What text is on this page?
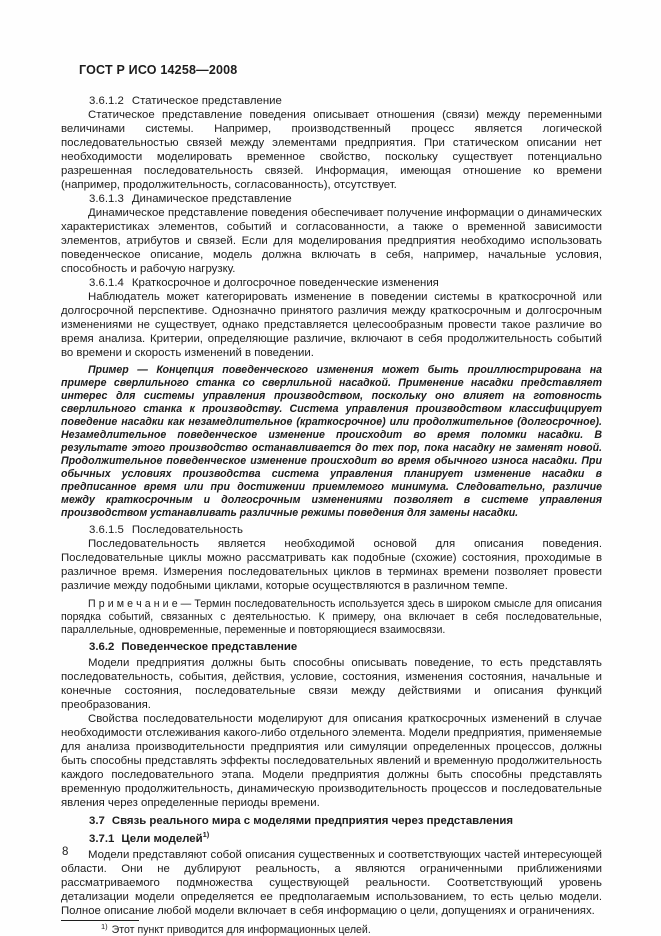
ГОСТ Р ИСО 14258—2008

3.6.1.2 Статическое представление

Статическое представление поведения описывает отношения (связи) между переменными величинами системы. Например, производственный процесс является логической последовательностью связей между элементами предприятия. При статическом описании нет необходимости моделировать временное свойство, поскольку существует потенциально разрешенная последовательность связей. Информация, имеющая отношение ко времени (например, продолжительность, согласованность), отсутствует.

3.6.1.3 Динамическое представление

Динамическое представление поведения обеспечивает получение информации о динамических характеристиках элементов, событий и согласованности, а также о временной зависимости элементов, атрибутов и связей. Если для моделирования предприятия необходимо использовать поведенческое описание, модель должна включать в себя, например, начальные условия, способность и рабочую нагрузку.

3.6.1.4 Краткосрочное и долгосрочное поведенческие изменения

Наблюдатель может категорировать изменение в поведении системы в краткосрочной или долгосрочной перспективе. Однозначно принятого различия между краткосрочным и долгосрочным изменениями не существует, однако представляется целесообразным провести такое различие во время анализа. Критерии, определяющие различие, включают в себя продолжительность событий во времени и скорость изменений в поведении.

Пример — Концепция поведенческого изменения может быть проиллюстрирована на примере сверлильного станка со сверлильной насадкой. Применение насадки представляет интерес для системы управления производством, поскольку оно влияет на готовность сверлильного станка к производству. Система управления производством классифицирует поведение насадки как незамедлительное (краткосрочное) или продолжительное (долгосрочное). Незамедлительное поведенческое изменение происходит во время поломки насадки. В результате этого производство останавливается до тех пор, пока насадку не заменят новой. Продолжительное поведенческое изменение происходит во время обычного износа насадки. При обычных условиях производства система управления планирует изменение насадки в предписанное время или при достижении приемлемого минимума. Следовательно, различие между краткосрочным и долгосрочным изменениями позволяет в системе управления производством устанавливать различные режимы поведения для замены насадки.

3.6.1.5 Последовательность

Последовательность является необходимой основой для описания поведения. Последовательные циклы можно рассматривать как подобные (схожие) состояния, проходимые в различное время. Измерения последовательных циклов в терминах времени позволяет провести различие между подобными циклами, которые осуществляются в различном темпе.

П р и м е ч а н и е — Термин последовательность используется здесь в широком смысле для описания порядка событий, связанных с деятельностью. К примеру, она включает в себя последовательные, параллельные, одновременные, переменные и повторяющиеся взаимосвязи.

3.6.2 Поведенческое представление

Модели предприятия должны быть способны описывать поведение, то есть представлять последовательность, события, действия, условие, состояния, изменения состояния, начальные и конечные состояния, последовательные связи между действиями и описания функций преобразования.

Свойства последовательности моделируют для описания краткосрочных изменений в случае необходимости отслеживания какого-либо отдельного элемента. Модели предприятия, применяемые для анализа производительности предприятия или симуляции определенных процессов, должны быть способны представлять эффекты последовательных явлений и временную продолжительность каждого последовательного этапа. Модели предприятия должны быть способны представлять временную продолжительность, динамическую производительность процессов и последовательные явления через определенные периоды времени.

3.7 Связь реального мира с моделями предприятия через представления

3.7.1 Цели моделей$^{1)}$

Модели представляют собой описания существенных и соответствующих частей интересующей области. Они не дублируют реальность, а являются ограниченными приближениями рассматриваемого подмножества существующей реальности. Соответствующий уровень детализации модели определяется ее предполагаемым использованием, то есть целью модели. Полное описание любой модели включает в себя информацию о цели, допущениях и ограничениях.

$^{1)}$ Этот пункт приводится для информационных целей.

8
